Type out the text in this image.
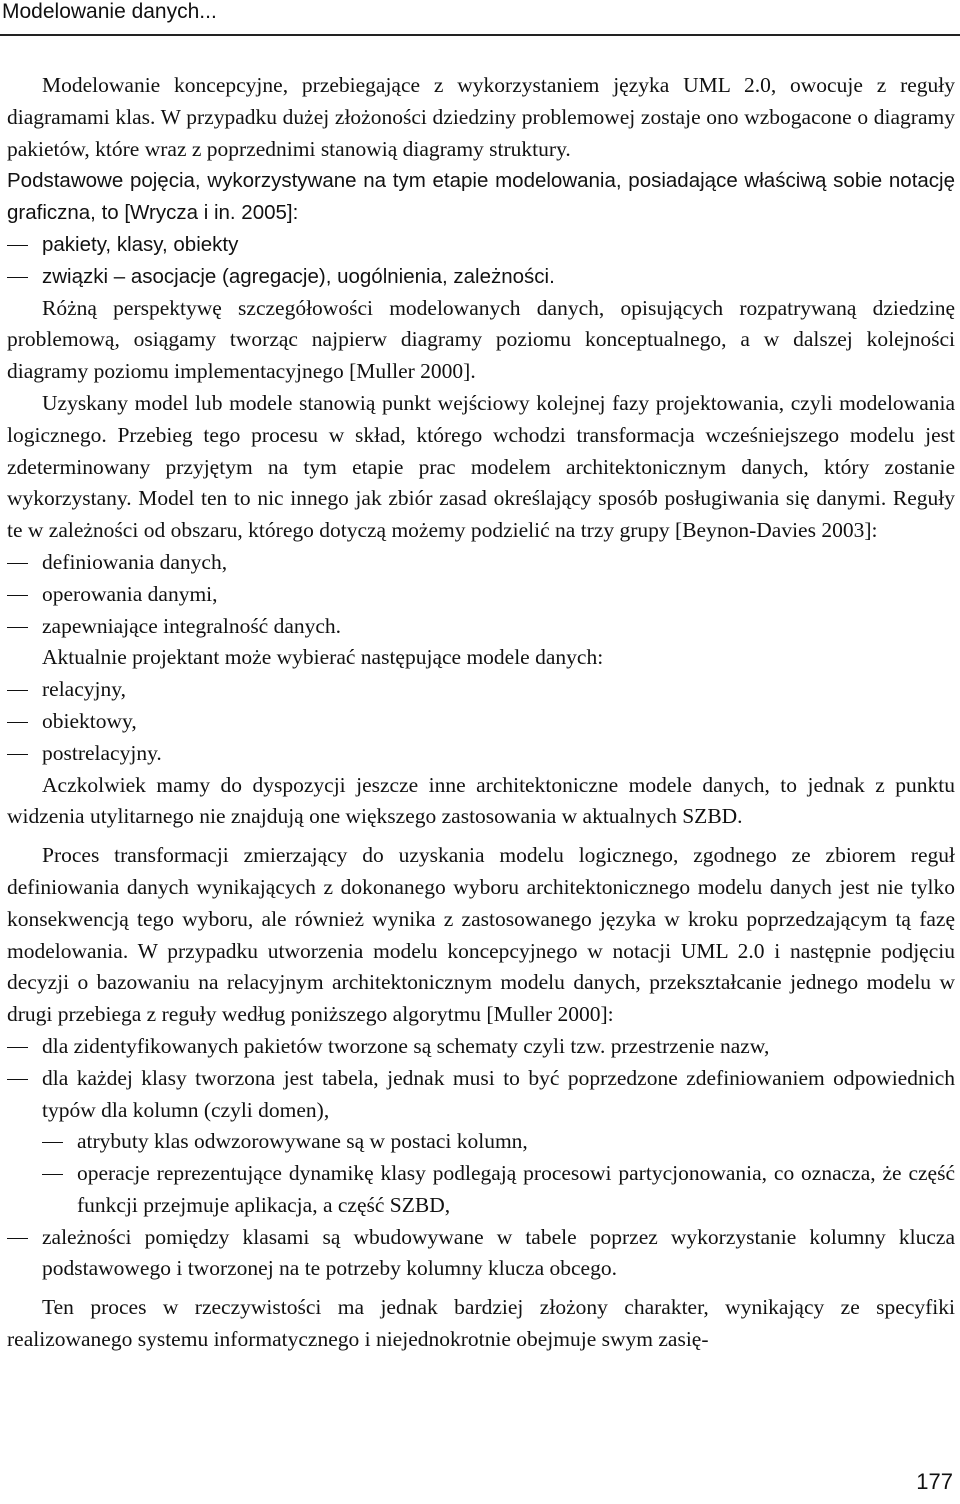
Modelowanie danych...

Modelowanie koncepcyjne, przebiegające z wykorzystaniem języka UML 2.0, owocuje z reguły diagramami klas. W przypadku dużej złożoności dziedziny problemowej zostaje ono wzbogacone o diagramy pakietów, które wraz z poprzednimi stanowią diagramy struktury.

Podstawowe pojęcia, wykorzystywane na tym etapie modelowania, posiadające właściwą sobie notację graficzna, to [Wrycza i in. 2005]:

pakiety, klasy, obiekty
związki – asocjacje (agregacje), uogólnienia, zależności.

Różną perspektywę szczegółowości modelowanych danych, opisujących rozpatrywaną dziedzinę problemową, osiągamy tworząc najpierw diagramy poziomu konceptualnego, a w dalszej kolejności diagramy poziomu implementacyjnego [Muller 2000].

Uzyskany model lub modele stanowią punkt wejściowy kolejnej fazy projektowania, czyli modelowania logicznego. Przebieg tego procesu w skład, którego wchodzi transformacja wcześniejszego modelu jest zdeterminowany przyjętym na tym etapie prac modelem architektonicznym danych, który zostanie wykorzystany. Model ten to nic innego jak zbiór zasad określający sposób posługiwania się danymi. Reguły te w zależności od obszaru, którego dotyczą możemy podzielić na trzy grupy [Beynon-Davies 2003]:

definiowania danych,
operowania danymi,
zapewniające integralność danych.

Aktualnie projektant może wybierać następujące modele danych:

relacyjny,
obiektowy,
postrelacyjny.

Aczkolwiek mamy do dyspozycji jeszcze inne architektoniczne modele danych, to jednak z punktu widzenia utylitarnego nie znajdują one większego zastosowania w aktualnych SZBD.

Proces transformacji zmierzający do uzyskania modelu logicznego, zgodnego ze zbiorem reguł definiowania danych wynikających z dokonanego wyboru architektonicznego modelu danych jest nie tylko konsekwencją tego wyboru, ale również wynika z zastosowanego języka w kroku poprzedzającym tą fazę modelowania. W przypadku utworzenia modelu koncepcyjnego w notacji UML 2.0 i następnie podjęciu decyzji o bazowaniu na relacyjnym architektonicznym modelu danych, przekształcanie jednego modelu w drugi przebiega z reguły według poniższego algorytmu [Muller 2000]:

dla zidentyfikowanych pakietów tworzone są schematy czyli tzw. przestrzenie nazw,
dla każdej klasy tworzona jest tabela, jednak musi to być poprzedzone zdefiniowaniem odpowiednich typów dla kolumn (czyli domen),
atrybuty klas odwzorowywane są w postaci kolumn,
operacje reprezentujące dynamikę klasy podlegają procesowi partycjonowania, co oznacza, że część funkcji przejmuje aplikacja, a część SZBD,
zależności pomiędzy klasami są wbudowywane w tabele poprzez wykorzystanie kolumny klucza podstawowego i tworzonej na te potrzeby kolumny klucza obcego.

Ten proces w rzeczywistości ma jednak bardziej złożony charakter, wynikający ze specyfiki realizowanego systemu informatycznego i niejednokrotnie obejmuje swym zasię-

177
